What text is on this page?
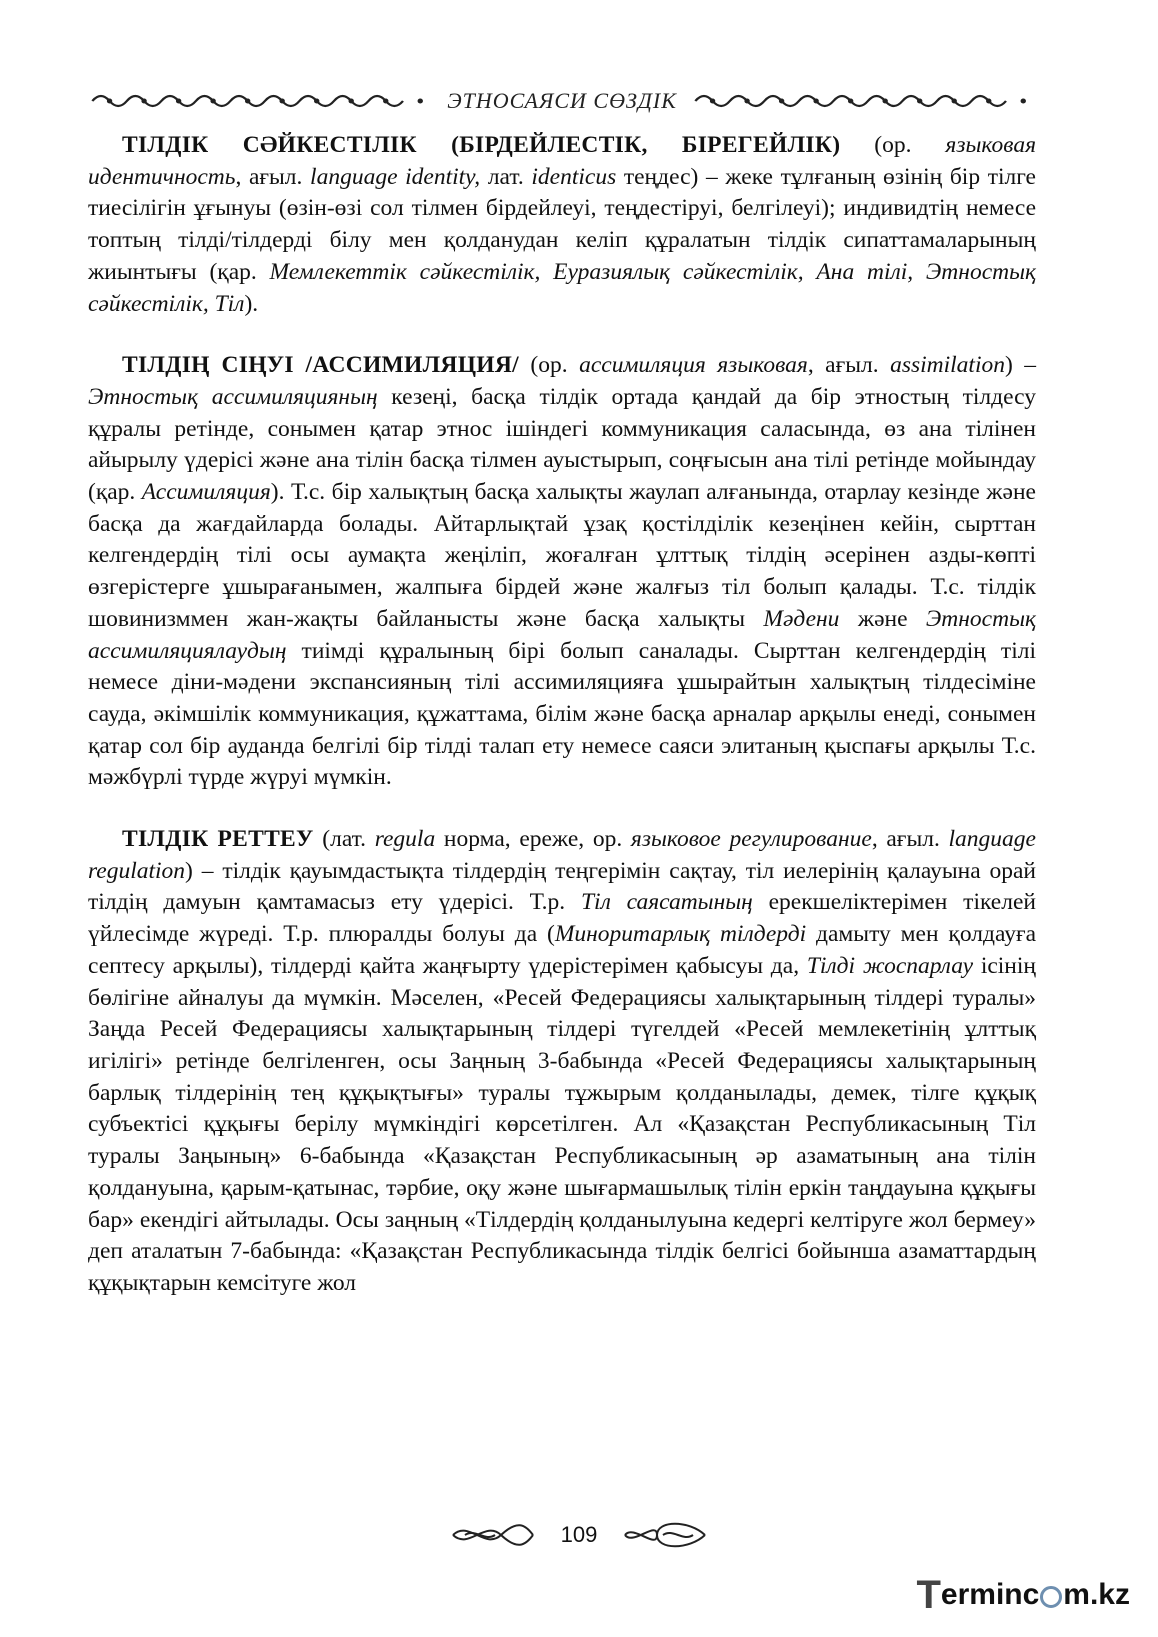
ЭТНОСАЯСИ СӨЗДІК

ТІЛДІК СӘЙКЕСТІЛІК (БІРДЕЙЛЕСТІК, БІРЕГЕЙЛІК) (ор. языковая идентичность, ағыл. language identity, лат. identicus теңдес) – жеке тұлғаның өзінің бір тілге тиесілігін ұғынуы (өзін-өзі сол тілмен бірдейлеуі, теңдестіруі, белгілеуі); индивидтің немесе топтың тілді/тілдерді білу мен қолданудан келіп құралатын тілдік сипаттамаларының жиынтығы (қар. Мемлекеттік сәйкестілік, Еуразиялық сәйкестілік, Ана тілі, Этностық сәйкестілік, Тіл).

ТІЛДІҢ СІҢУІ /АССИМИЛЯЦИЯ/ (ор. ассимиляция языковая, ағыл. assimilation) – Этностық ассимиляцияның кезеңі, басқа тілдік ортада қандай да бір этностың тілдесу құралы ретінде, сонымен қатар этнос ішіндегі коммуникация саласында, өз ана тілінен айырылу үдерісі және ана тілін басқа тілмен ауыстырып, соңғысын ана тілі ретінде мойындау (қар. Ассимиляция). Т.с. бір халықтың басқа халықты жаулап алғанында, отарлау кезінде және басқа да жағдайларда болады. Айтарлықтай ұзақ қостілділік кезеңінен кейін, сырттан келгендердің тілі осы аумақта жеңіліп, жоғалған ұлттық тілдің әсерінен азды-көпті өзгерістерге ұшырағанымен, жалпыға бірдей және жалғыз тіл болып қалады. Т.с. тілдік шовинизммен жан-жақты байланысты және басқа халықты Мәдени және Этностық ассимиляциялаудың тиімді құралының бірі болып саналады. Сырттан келгендердің тілі немесе діни-мәдени экспансияның тілі ассимиляцияға ұшырайтын халықтың тілдесіміне сауда, әкімшілік коммуникация, құжаттама, білім және басқа арналар арқылы енеді, сонымен қатар сол бір ауданда белгілі бір тілді талап ету немесе саяси элитаның қыспағы арқылы Т.с. мәжбүрлі түрде жүруі мүмкін.

ТІЛДІК РЕТТЕУ (лат. regula норма, ереже, ор. языковое регулирование, ағыл. language regulation) – тілдік қауымдастықта тілдердің теңгерімін сақтау, тіл иелерінің қалауына орай тілдің дамуын қамтамасыз ету үдерісі. Т.р. Тіл саясатының ерекшеліктерімен тікелей үйлесімде жүреді. Т.р. плюралды болуы да (Миноритарлық тілдерді дамыту мен қолдауға септесу арқылы), тілдерді қайта жаңғырту үдерістерімен қабысуы да, Тілді жоспарлау ісінің бөлігіне айналуы да мүмкін. Мәселен, «Ресей Федерациясы халықтарының тілдері туралы» Заңда Ресей Федерациясы халықтарының тілдері түгелдей «Ресей мемлекетінің ұлттық игілігі» ретінде белгіленген, осы Заңның 3-бабында «Ресей Федерациясы халықтарының барлық тілдерінің тең құқықтығы» туралы тұжырым қолданылады, демек, тілге құқық субъектісі құқығы берілу мүмкіндігі көрсетілген. Ал «Қазақстан Республикасының Тіл туралы Заңының» 6-бабында «Қазақстан Республикасының әр азаматының ана тілін қолдануына, қарым-қатынас, тәрбие, оқу және шығармашылық тілін еркін таңдауына құқығы бар» екендігі айтылады. Осы заңның «Тілдердің қолданылуына кедергі келтіруге жол бермеу» деп аталатын 7-бабында: «Қазақстан Республикасында тілдік белгісі бойынша азаматтардың құқықтарын кемсітуге жол

109
T erminc m.kz
